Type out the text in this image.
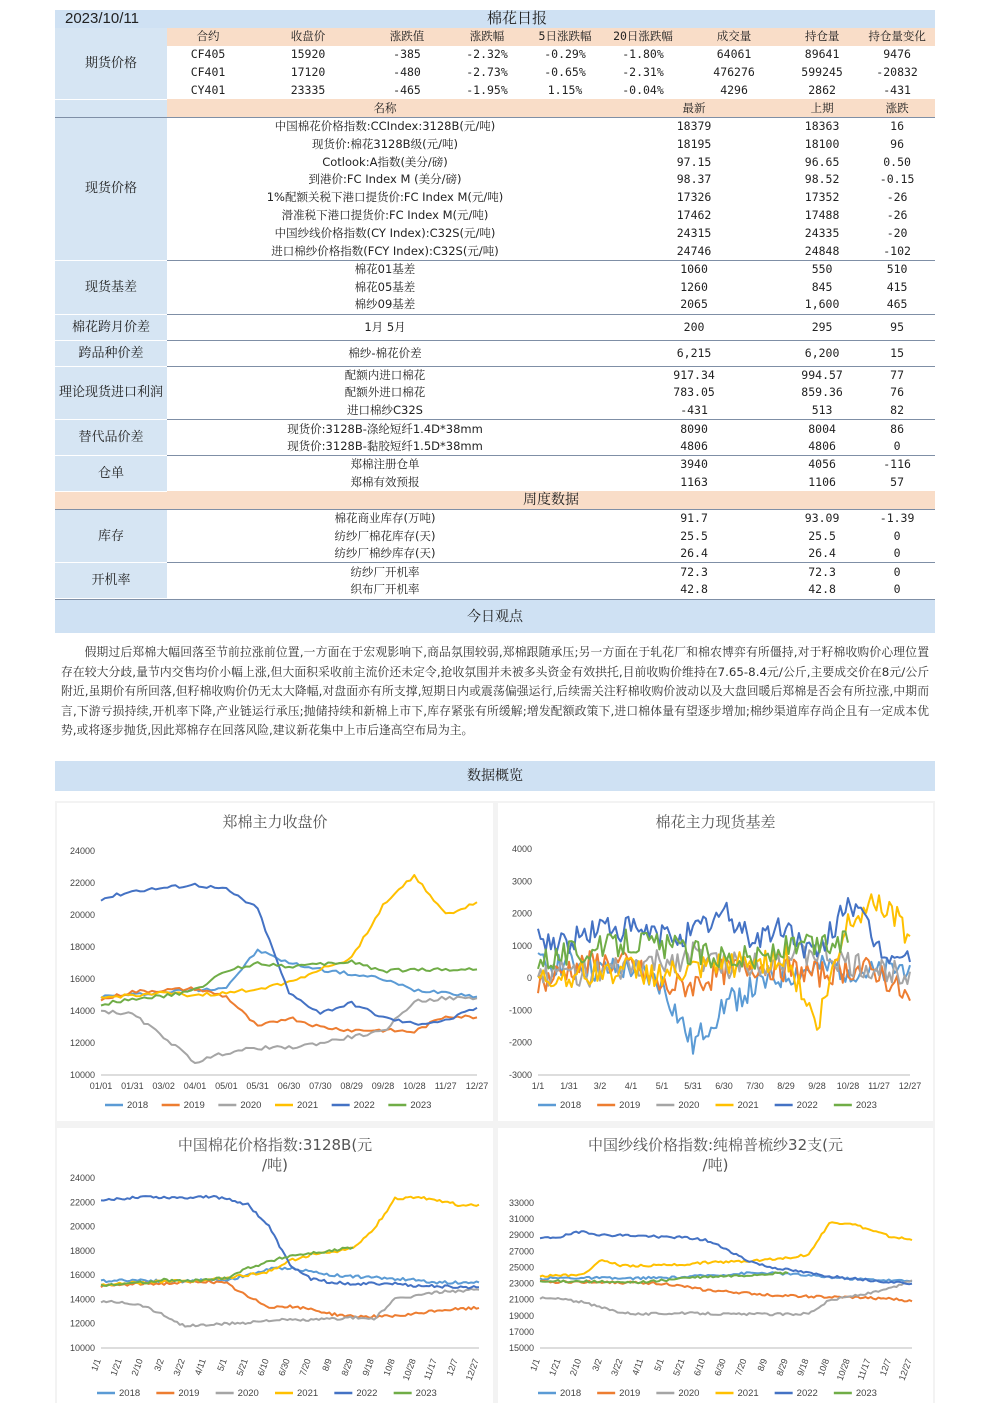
2023/10/11		棉花日报							
期货价格	合约	收盘价	涨跌值	涨跌幅	5日涨跌幅	20日涨跌幅	成交量	持仓量	持仓量变化
	CF405	15920	-385	-2.32%	-0.29%	-1.80%	64061	89641	9476
	CF401	17120	-480	-2.73%	-0.65%	-2.31%	476276	599245	-20832
	CY401	23335	-465	-1.95%	1.15%	-0.04%	4296	2862	-431
	名称					最新		上期	涨跌
现货价格	中国棉花价格指数:CCIndex:3128B(元/吨)					18379		18363	16
	现货价:棉花3128B级(元/吨)					18195		18100	96
	Cotlook:A指数(美分/磅)					97.15		96.65	0.50
	到港价:FC Index M (美分/磅)					98.37		98.52	-0.15
	1%配额关税下港口提货价:FC Index M(元/吨)					17326		17352	-26
	滑准税下港口提货价:FC Index M(元/吨)					17462		17488	-26
	中国纱线价格指数(CY Index):C32S(元/吨)					24315		24335	-20
	进口棉纱价格指数(FCY Index):C32S(元/吨)					24746		24848	-102
现货基差	棉花01基差					1060		550	510
	棉花05基差					1260		845	415
	棉纱09基差					2065		1,600	465
棉花跨月价差	1月 5月					200		295	95
跨品种价差	棉纱-棉花价差					6,215		6,200	15
理论现货进口利润	配额内进口棉花					917.34		994.57	77
	配额外进口棉花					783.05		859.36	76
	进口棉纱C32S					-431		513	82
替代品价差	现货价:3128B-涤纶短纤1.4D*38mm					8090		8004	86
	现货价:3128B-黏胶短纤1.5D*38mm					4806		4806	0
仓单	郑棉注册仓单					3940		4056	-116
	郑棉有效预报					1163		1106	57
	周度数据								
库存	棉花商业库存(万吨)					91.7		93.09	-1.39
	纺纱厂棉花库存(天)					25.5		25.5	0
	纺纱厂棉纱库存(天)					26.4		26.4	0
开机率	纺纱厂开机率					72.3		72.3	0
	织布厂开机率					42.8		42.8	0
今日观点
假期过后郑棉大幅回落至节前拉涨前位置,一方面在于宏观影响下,商品氛围较弱,郑棉跟随承压;另一方面在于轧花厂和棉农博弈有所僵持,对于籽棉收购价心理位置存在较大分歧,量节内交售均价小幅上涨,但大面积采收前主流价还未定令,抢收氛围并未被多头资金有效拱托,目前收购价维持在7.65-8.4元/公斤,主要成交价在8元/公斤附近,虽期价有所回落,但籽棉收购价仍无太大降幅,对盘面亦有所支撑,短期日内或震荡偏强运行,后续需关注籽棉收购价波动以及大盘回暖后郑棉是否会有所拉涨,中期而言,下游亏损持续,开机率下降,产业链运行承压;抛储持续和新棉上市下,库存紧张有所缓解;增发配额政策下,进口棉体量有望逐步增加;棉纱渠道库存尚企且有一定成本优势,或将逐步抛货,因此郑棉存在回落风险,建议新花集中上市后逢高空布局为主。
数据概览
郑棉主力收盘价
10000
12000
14000
16000
18000
20000
22000
24000
01/01 01/31 03/02 04/01 05/01 05/31 06/30 07/30 08/29 09/28 10/28 11/27 12/27
2018	2019	2020	2021	2022	2023
棉花主力现货基差
-3000
-2000
-1000
0
1000
2000
3000
4000
1/1 1/31 3/2 4/1 5/1 5/31 6/30 7/30 8/29 9/28 10/28 11/27 12/27
2018	2019	2020	2021	2022	2023
中国棉花价格指数:3128B(元/吨)
10000
12000
14000
16000
18000
20000
22000
24000
1/1 1/21 2/10 3/2 3/22 4/11 5/1 5/21 6/10 6/30 7/20 8/9 8/29 9/18 10/8 10/28 11/17 12/7 12/27
2018	2019	2020	2021	2022	2023
中国纱线价格指数:纯棉普梳纱32支(元/吨)
15000
17000
19000
21000
23000
25000
27000
29000
31000
33000
1/1 1/21 2/10 3/2 3/22 4/11 5/1 5/21 6/10 6/30 7/20 8/9 8/29 9/18 10/8 10/28 11/17 12/7 12/27
2018	2019	2020	2021	2022	2023
